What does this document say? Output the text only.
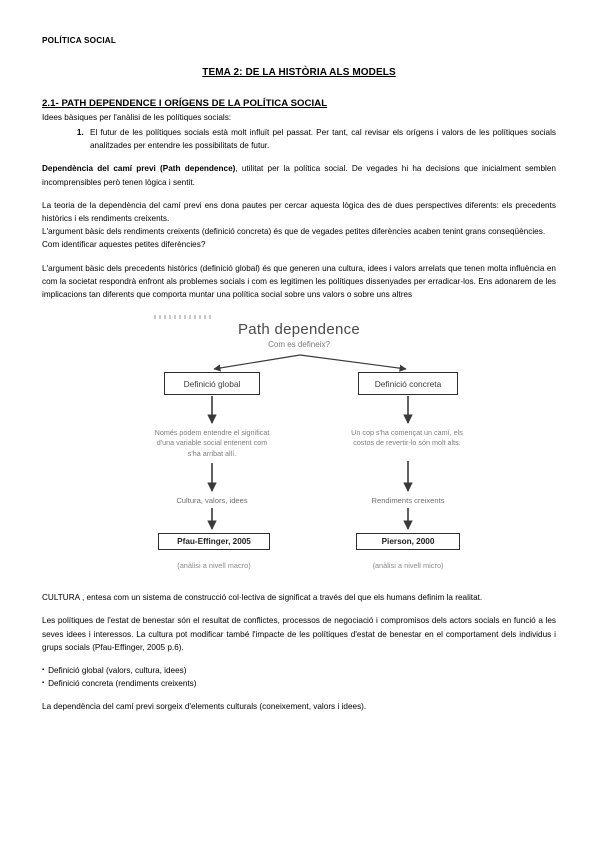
POLÍTICA SOCIAL
TEMA 2: DE LA HISTÒRIA ALS MODELS
2.1- PATH DEPENDENCE I ORÍGENS DE LA POLÍTICA SOCIAL
Idees bàsiques per l'anàlisi de les polítiques socials:
1. El futur de les polítiques socials està molt influït pel passat. Per tant, cal revisar els orígens i valors de les polítiques socials analitzades per entendre les possibilitats de futur.

Dependència del camí previ (Path dependence), utilitat per la política social. De vegades hi ha decisions que inicialment semblen incomprensibles però tenen lògica i sentit.

La teoria de la dependència del camí previ ens dona pautes per cercar aquesta lògica des de dues perspectives diferents: els precedents històrics i els rendiments creixents.

L'argument bàsic dels rendiments creixents (definició concreta) és que de vegades petites diferències acaben tenint grans conseqüències.

Com identificar aquestes petites diferències?

L'argument bàsic dels precedents històrics (definició global) és que generen una cultura, idees i valors arrelats que tenen molta influència en com la societat respondrà enfront als problemes socials i com es legitimen les polítiques dissenyades per erradicar-los. Ens adonarem de les implicacions tan diferents que comporta muntar una política social sobre uns valors o sobre uns altres

Path dependence
Com es defineix?
Definició global	Definició concreta
Només podem entendre el significat d'una variable social entenent com s'ha arribat allí.
Un cop s'ha començat un camí, els costos de revertir-lo són molt alts.
Cultura, valors, idees	Rendiments creixents
Pfau-Effinger, 2005	Pierson, 2000
(anàlisi a nivell macro)	(anàlisi a nivell micro)

CULTURA , entesa com un sistema de construcció col·lectiva de significat a través del que els humans definim la realitat.

Les polítiques de l'estat de benestar són el resultat de conflictes, processos de negociació i compromisos dels actors socials en funció a les seves idees i interessos. La cultura pot modificar també l'impacte de les polítiques d'estat de benestar en el comportament dels individus i grups socials (Pfau-Effinger, 2005 p.6).

▪ Definició global (valors, cultura, idees)
▪ Definició concreta (rendiments creixents)

La dependència del camí previ sorgeix d'elements culturals (coneixement, valors i idees).
